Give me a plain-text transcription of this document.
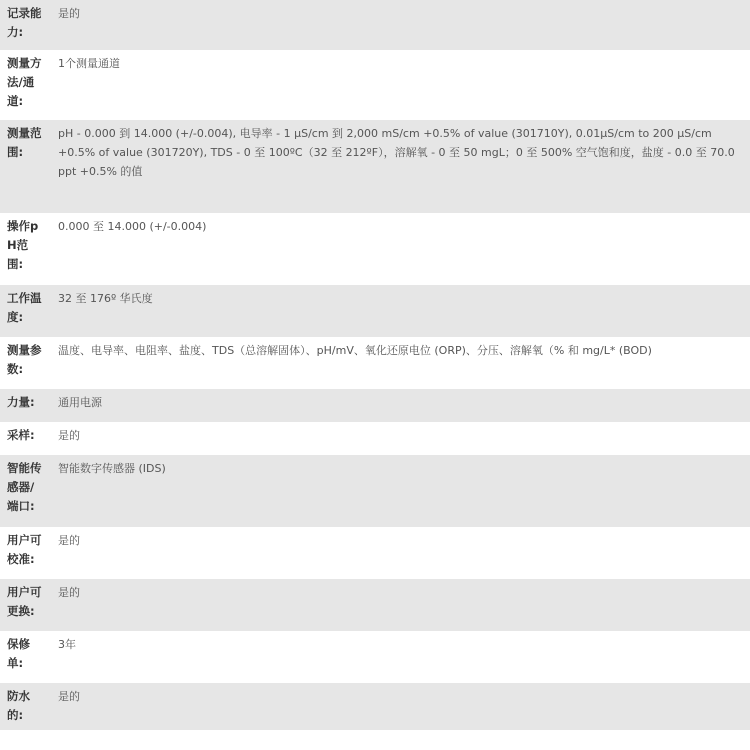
记录能力:
是的
测量方法/通道:
1个测量通道
测量范围:
pH - 0.000 到 14.000 (+/-0.004), 电导率 - 1 µS/cm 到 2,000 mS/cm +0.5% of value (301710Y), 0.01µS/cm to 200 µS/cm +0.5% of value (301720Y), TDS - 0 至 100ºC（32 至 212ºF），溶解氧 - 0 至 50 mgL；0 至 500% 空气饱和度，盐度 - 0.0 至 70.0 ppt +0.5% 的值
操作pH范围:
0.000 至 14.000 (+/-0.004)
工作温度:
32 至 176º 华氏度
测量参数:
温度、电导率、电阻率、盐度、TDS（总溶解固体）、pH/mV、氧化还原电位 (ORP)、分压、溶解氧（% 和 mg/L* (BOD)
力量:	通用电源
采样:	是的
智能传感器/端口:
智能数字传感器 (IDS)
用户可校准:
是的
用户可更换:
是的
保修单:
3年
防水的:
是的
